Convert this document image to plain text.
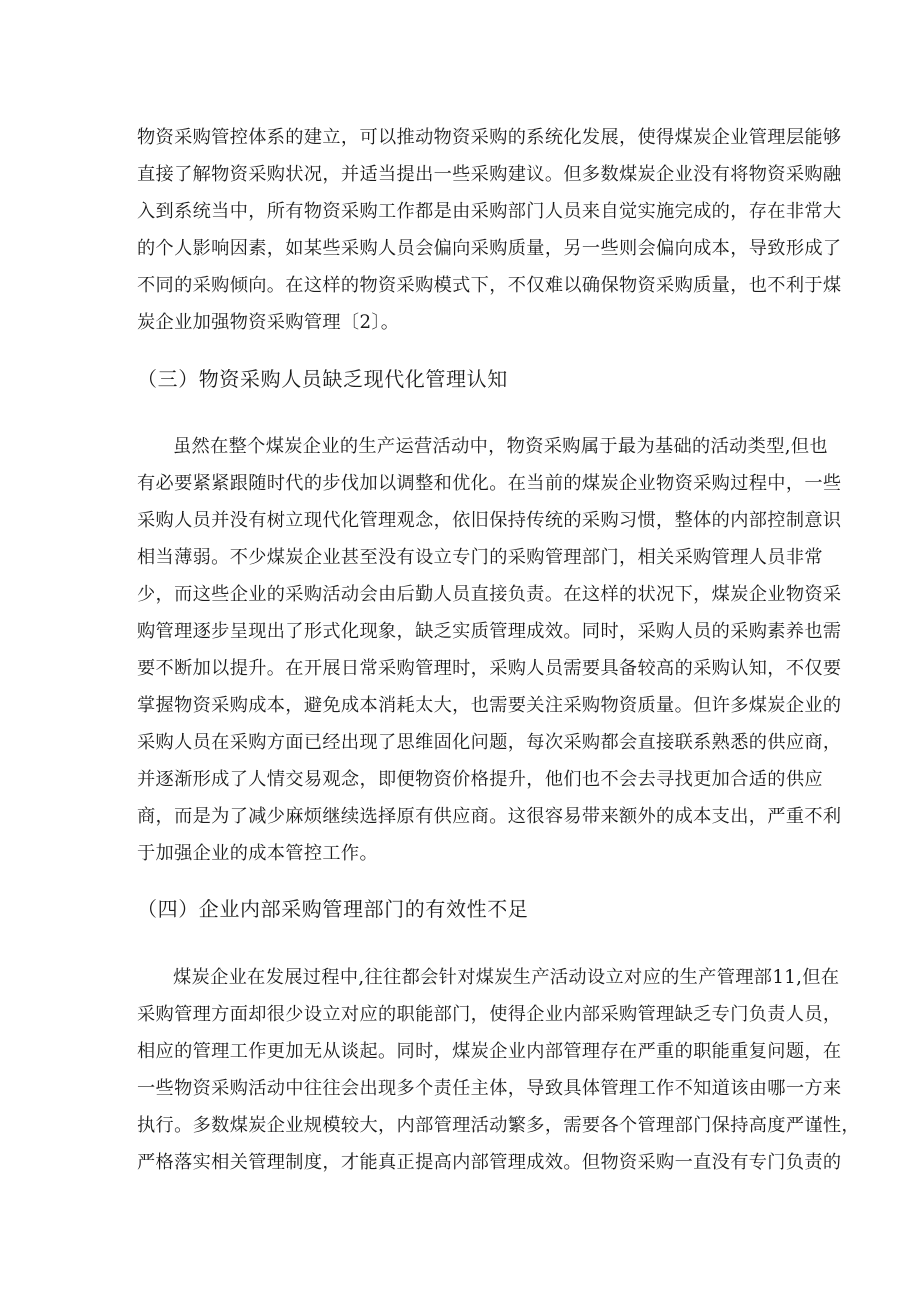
物资采购管控体系的建立，可以推动物资采购的系统化发展，使得煤炭企业管理层能够
直接了解物资采购状况，并适当提出一些采购建议。但多数煤炭企业没有将物资采购融
入到系统当中，所有物资采购工作都是由采购部门人员来自觉实施完成的，存在非常大
的个人影响因素，如某些采购人员会偏向采购质量，另一些则会偏向成本，导致形成了
不同的采购倾向。在这样的物资采购模式下，不仅难以确保物资采购质量，也不利于煤
炭企业加强物资采购管理〔2〕。
（三）物资采购人员缺乏现代化管理认知
虽然在整个煤炭企业的生产运营活动中，物资采购属于最为基础的活动类型,但也
有必要紧紧跟随时代的步伐加以调整和优化。在当前的煤炭企业物资采购过程中，一些
采购人员并没有树立现代化管理观念，依旧保持传统的采购习惯，整体的内部控制意识
相当薄弱。不少煤炭企业甚至没有设立专门的采购管理部门，相关采购管理人员非常
少，而这些企业的采购活动会由后勤人员直接负责。在这样的状况下，煤炭企业物资采
购管理逐步呈现出了形式化现象，缺乏实质管理成效。同时，采购人员的采购素养也需
要不断加以提升。在开展日常采购管理时，采购人员需要具备较高的采购认知，不仅要
掌握物资采购成本，避免成本消耗太大，也需要关注采购物资质量。但许多煤炭企业的
采购人员在采购方面已经出现了思维固化问题，每次采购都会直接联系熟悉的供应商，
并逐渐形成了人情交易观念，即便物资价格提升，他们也不会去寻找更加合适的供应
商，而是为了减少麻烦继续选择原有供应商。这很容易带来额外的成本支出，严重不利
于加强企业的成本管控工作。
（四）企业内部采购管理部门的有效性不足
煤炭企业在发展过程中,往往都会针对煤炭生产活动设立对应的生产管理部11,但在
采购管理方面却很少设立对应的职能部门，使得企业内部采购管理缺乏专门负责人员，
相应的管理工作更加无从谈起。同时，煤炭企业内部管理存在严重的职能重复问题，在
一些物资采购活动中往往会出现多个责任主体，导致具体管理工作不知道该由哪一方来
执行。多数煤炭企业规模较大，内部管理活动繁多，需要各个管理部门保持高度严谨性，
严格落实相关管理制度，才能真正提高内部管理成效。但物资采购一直没有专门负责的
